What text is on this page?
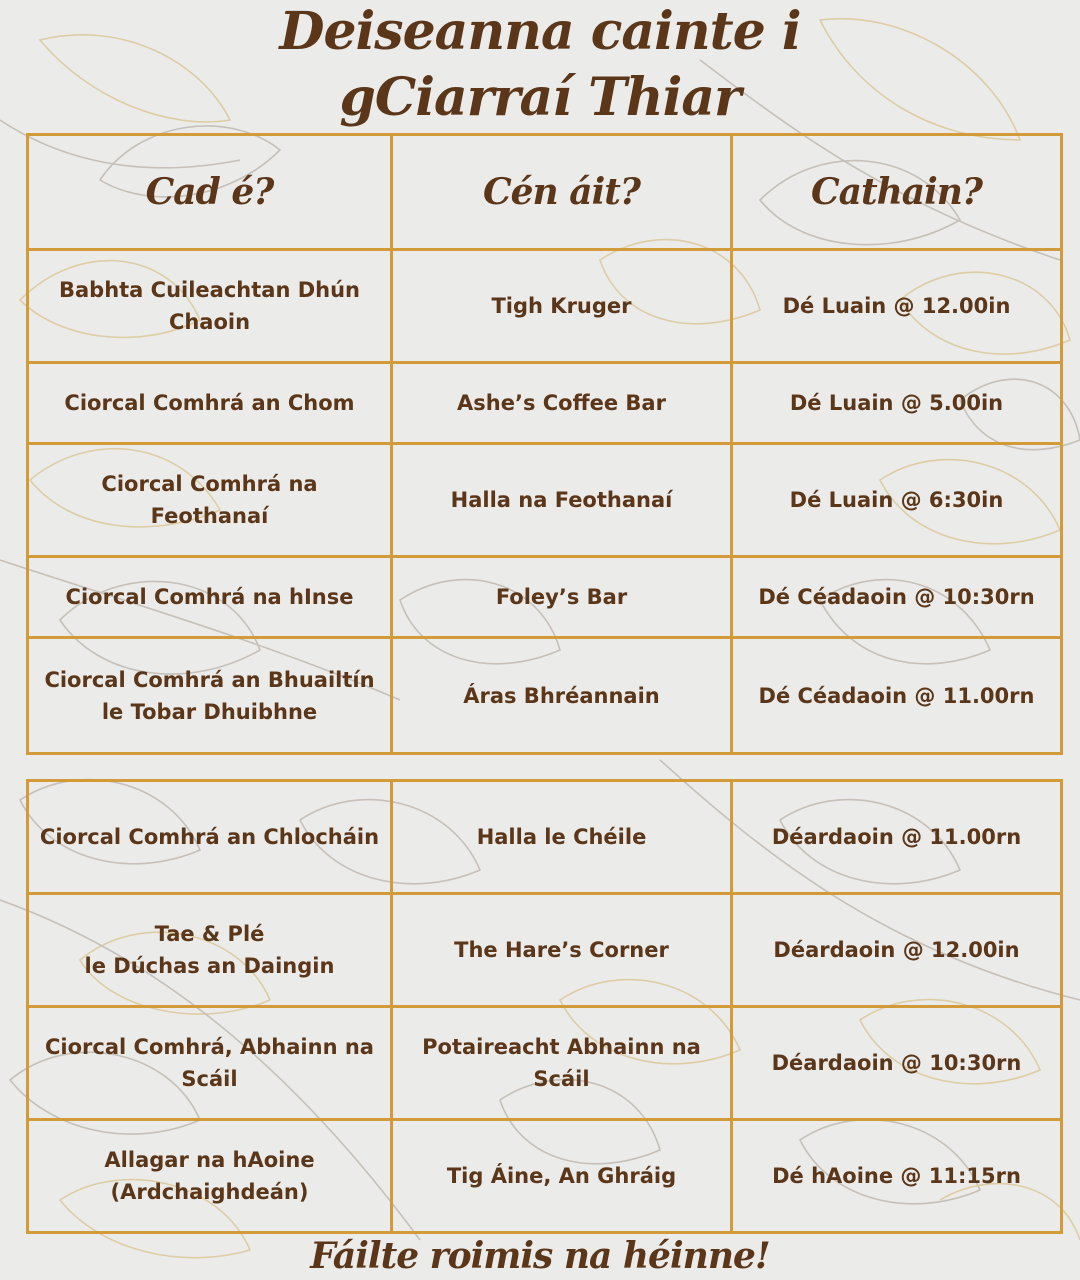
Deiseanna cainte i
gCiarraí Thiar
Cad é?	Cén áit?	Cathain?

Babhta Cuileachtan Dhún
Chaoin	Tigh Kruger	Dé Luain @ 12.00in

Ciorcal Comhrá an Chom	Ashe’s Coffee Bar	Dé Luain @ 5.00in

Ciorcal Comhrá na
Feothanaí	Halla na Feothanaí	Dé Luain @ 6:30in

Ciorcal Comhrá na hInse	Foley’s Bar	Dé Céadaoin @ 10:30rn

Ciorcal Comhrá an Bhuailtín
le Tobar Dhuibhne	Áras Bhréannain	Dé Céadaoin @ 11.00rn
Ciorcal Comhrá an Chlocháin	Halla le Chéile	Déardaoin @ 11.00rn

Tae & Plé
le Dúchas an Daingin	The Hare’s Corner	Déardaoin @ 12.00in

Ciorcal Comhrá, Abhainn na
Scáil	Potaireacht Abhainn na
Scáil	Déardaoin @ 10:30rn

Allagar na hAoine
(Ardchaighdeán)	Tig Áine, An Ghráig	Dé hAoine @ 11:15rn
Fáilte roimis na héinne!
